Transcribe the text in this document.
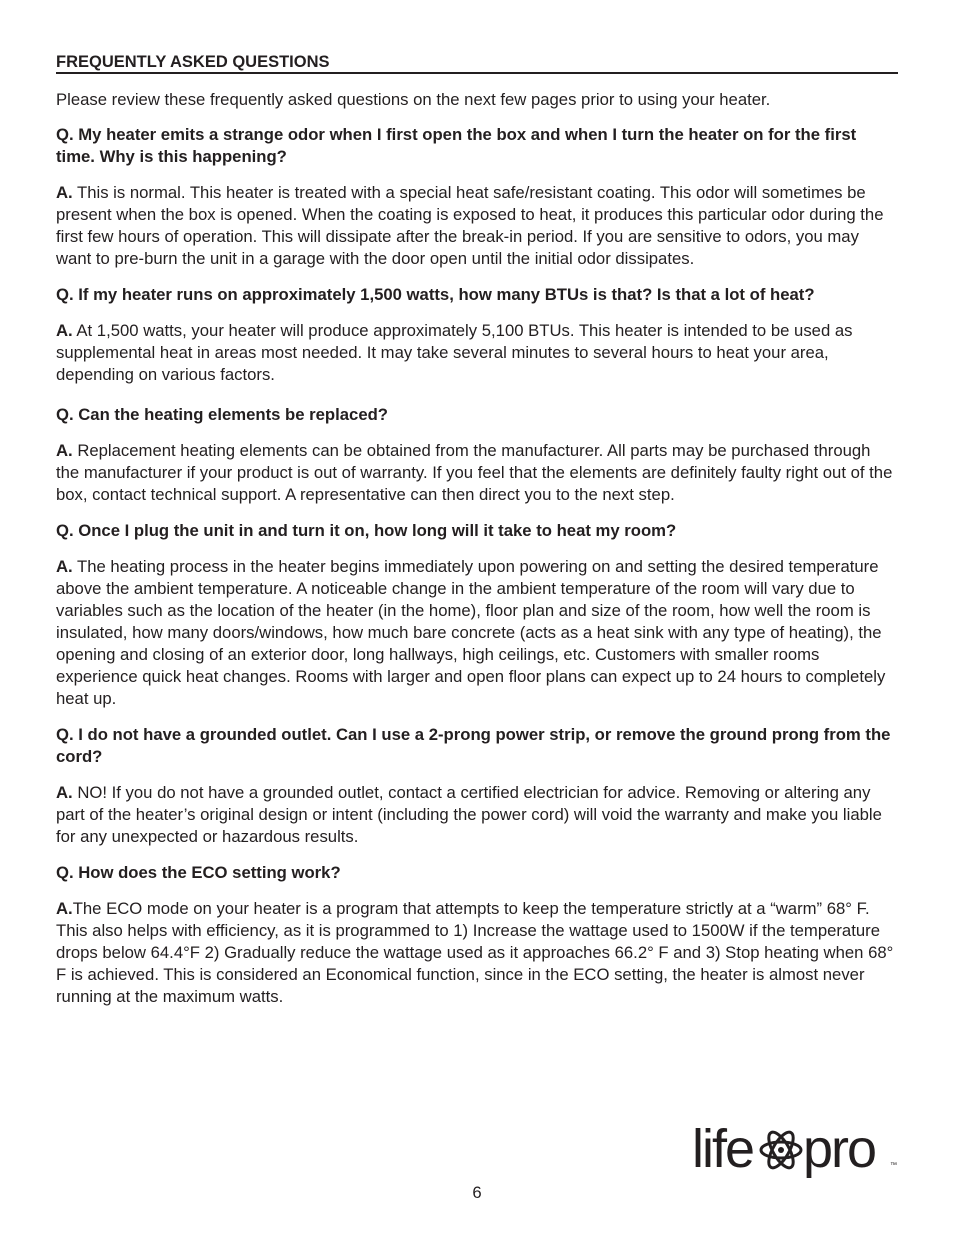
FREQUENTLY ASKED QUESTIONS
Please review these frequently asked questions on the next few pages prior to using your heater.

Q. My heater emits a strange odor when I first open the box and when I turn the heater on for the first time. Why is this happening?

A. This is normal. This heater is treated with a special heat safe/resistant coating. This odor will sometimes be present when the box is opened. When the coating is exposed to heat, it produces this particular odor during the first few hours of operation. This will dissipate after the break-in period. If you are sensitive to odors, you may want to pre-burn the unit in a garage with the door open until the initial odor dissipates.

Q. If my heater runs on approximately 1,500 watts, how many BTUs is that? Is that a lot of heat?

A. At 1,500 watts, your heater will produce approximately 5,100 BTUs. This heater is intended to be used as supplemental heat in areas most needed. It may take several minutes to several hours to heat your area, depending on various factors.

Q. Can the heating elements be replaced?

A. Replacement heating elements can be obtained from the manufacturer. All parts may be purchased through the manufacturer if your product is out of warranty. If you feel that the elements are definitely faulty right out of the box, contact technical support. A representative can then direct you to the next step.

Q. Once I plug the unit in and turn it on, how long will it take to heat my room?

A. The heating process in the heater begins immediately upon powering on and setting the desired temperature above the ambient temperature. A noticeable change in the ambient temperature of the room will vary due to variables such as the location of the heater (in the home), floor plan and size of the room, how well the room is insulated, how many doors/windows, how much bare concrete (acts as a heat sink with any type of heating), the opening and closing of an exterior door, long hallways, high ceilings, etc. Customers with smaller rooms experience quick heat changes. Rooms with larger and open floor plans can expect up to 24 hours to completely heat up.

Q. I do not have a grounded outlet. Can I use a 2-prong power strip, or remove the ground prong from the cord?

A. NO! If you do not have a grounded outlet, contact a certified electrician for advice. Removing or altering any part of the heater’s original design or intent (including the power cord) will void the warranty and make you liable for any unexpected or hazardous results.

Q. How does the ECO setting work?

A.The ECO mode on your heater is a program that attempts to keep the temperature strictly at a “warm” 68° F. This also helps with efficiency, as it is programmed to 1) Increase the wattage used to 1500W if the temperature drops below 64.4°F 2) Gradually reduce the wattage used as it approaches 66.2° F and 3) Stop heating when 68° F is achieved. This is considered an Economical function, since in the ECO setting, the heater is almost never running at the maximum watts.

life pro ™
6
